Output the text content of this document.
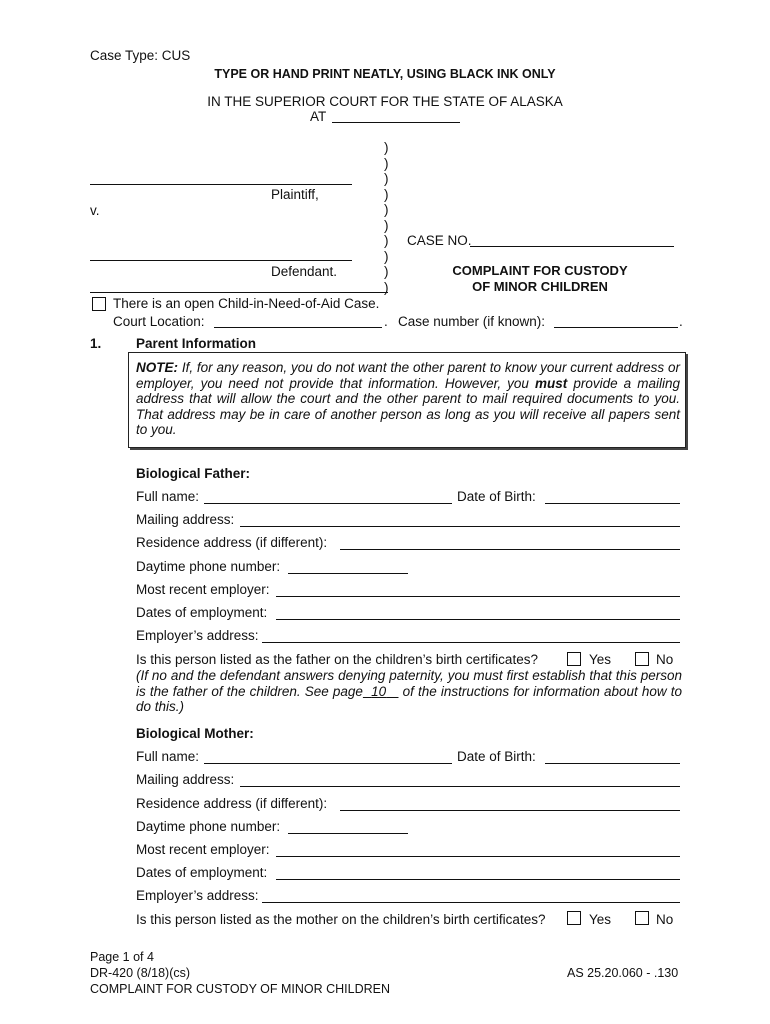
Case Type: CUS
TYPE OR HAND PRINT NEATLY, USING BLACK INK ONLY
IN THE SUPERIOR COURT FOR THE STATE OF ALASKA
AT
)
)
)
)
)
)
)
)
)
)
Plaintiff,
v.
CASE NO.
Defendant.	COMPLAINT FOR CUSTODY
OF MINOR CHILDREN
There is an open Child-in-Need-of-Aid Case.
Court Location:	. Case number (if known):	.
1.	Parent Information
NOTE: If, for any reason, you do not want the other parent to know your current address or employer, you need not provide that information. However, you must provide a mailing address that will allow the court and the other parent to mail required documents to you. That address may be in care of another person as long as you will receive all papers sent to you.
Biological Father:
Full name:	Date of Birth:
Mailing address:
Residence address (if different):
Daytime phone number:
Most recent employer:
Dates of employment:
Employer’s address:
Is this person listed as the father on the children’s birth certificates?	Yes	No
(If no and the defendant answers denying paternity, you must first establish that this person is the father of the children. See page 10    of the instructions for information about how to do this.)
Biological Mother:
Full name:	Date of Birth:
Mailing address:
Residence address (if different):
Daytime phone number:
Most recent employer:
Dates of employment:
Employer’s address:
Is this person listed as the mother on the children’s birth certificates?	Yes	No
Page 1 of 4
DR-420 (8/18)(cs)	AS 25.20.060 - .130
COMPLAINT FOR CUSTODY OF MINOR CHILDREN
